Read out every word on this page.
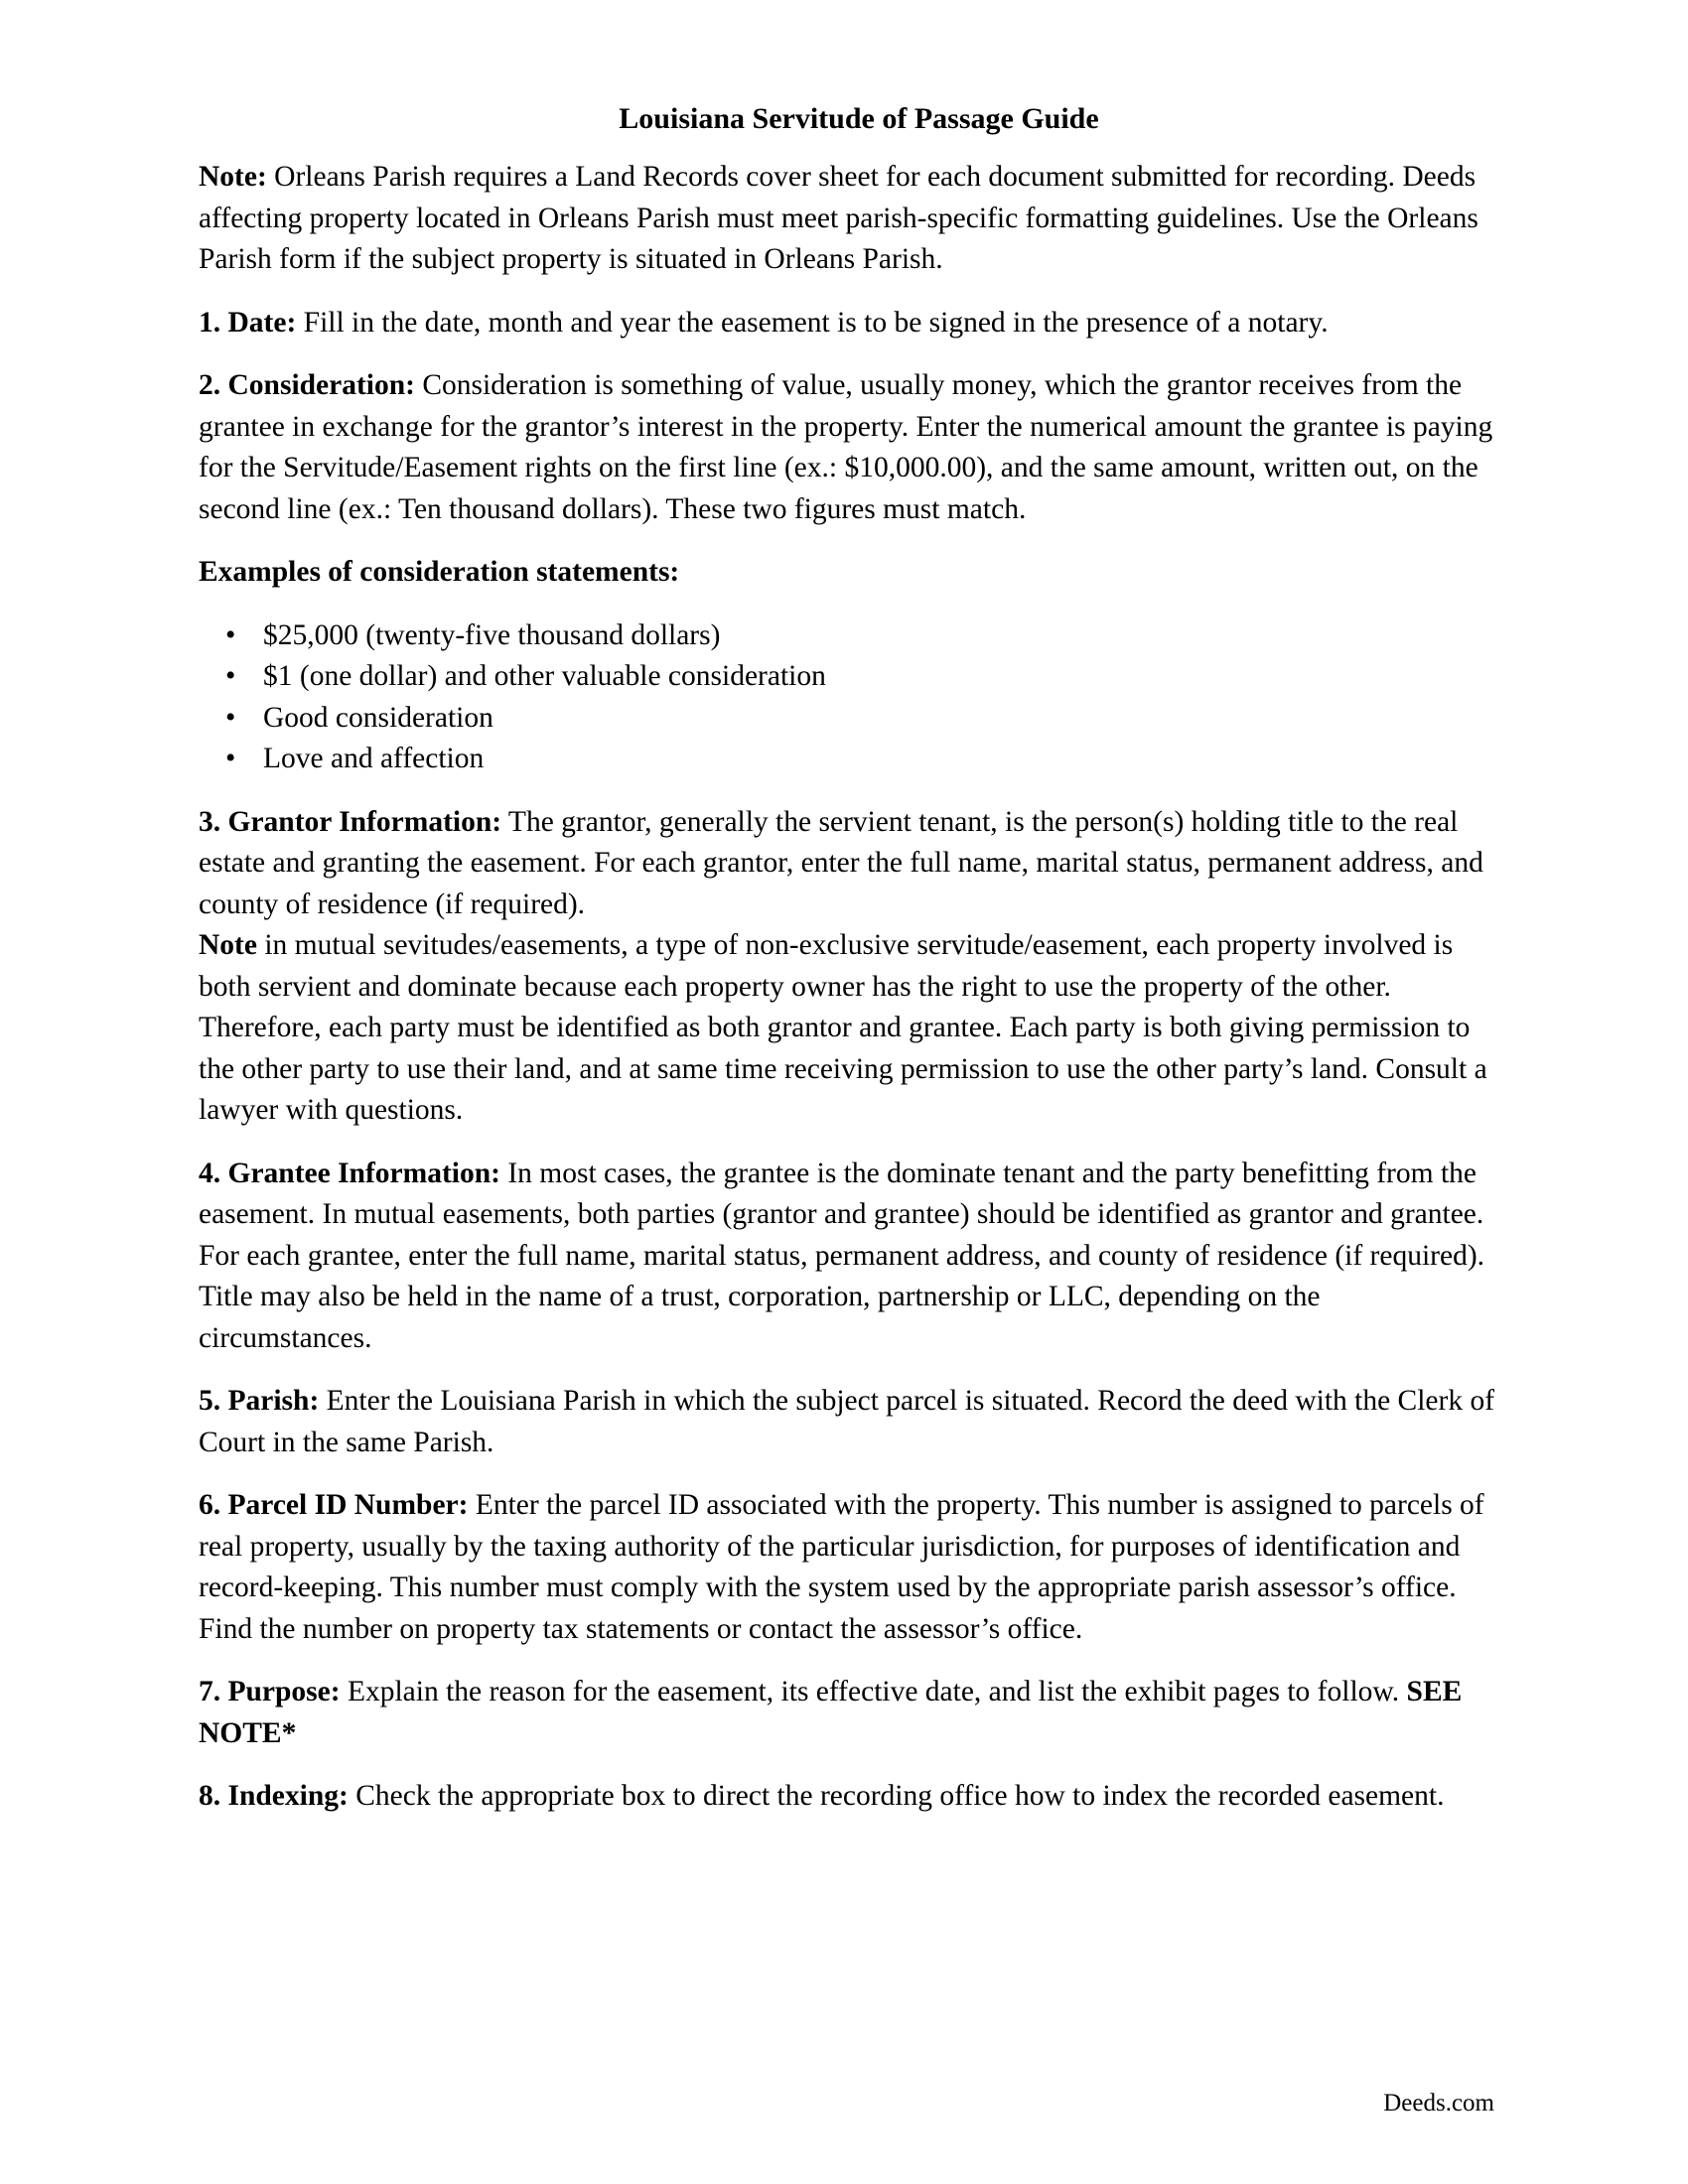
Louisiana Servitude of Passage Guide

Note: Orleans Parish requires a Land Records cover sheet for each document submitted for recording. Deeds affecting property located in Orleans Parish must meet parish-specific formatting guidelines. Use the Orleans Parish form if the subject property is situated in Orleans Parish.

1. Date: Fill in the date, month and year the easement is to be signed in the presence of a notary.

2. Consideration: Consideration is something of value, usually money, which the grantor receives from the grantee in exchange for the grantor’s interest in the property. Enter the numerical amount the grantee is paying for the Servitude/Easement rights on the first line (ex.: $10,000.00), and the same amount, written out, on the second line (ex.: Ten thousand dollars). These two figures must match.

Examples of consideration statements:
• $25,000 (twenty-five thousand dollars)
• $1 (one dollar) and other valuable consideration
• Good consideration
• Love and affection

3. Grantor Information: The grantor, generally the servient tenant, is the person(s) holding title to the real estate and granting the easement. For each grantor, enter the full name, marital status, permanent address, and county of residence (if required).

Note in mutual sevitudes/easements, a type of non-exclusive servitude/easement, each property involved is both servient and dominate because each property owner has the right to use the property of the other. Therefore, each party must be identified as both grantor and grantee. Each party is both giving permission to the other party to use their land, and at same time receiving permission to use the other party’s land. Consult a lawyer with questions.

4. Grantee Information: In most cases, the grantee is the dominate tenant and the party benefitting from the easement. In mutual easements, both parties (grantor and grantee) should be identified as grantor and grantee. For each grantee, enter the full name, marital status, permanent address, and county of residence (if required). Title may also be held in the name of a trust, corporation, partnership or LLC, depending on the circumstances.

5. Parish: Enter the Louisiana Parish in which the subject parcel is situated. Record the deed with the Clerk of Court in the same Parish.

6. Parcel ID Number: Enter the parcel ID associated with the property. This number is assigned to parcels of real property, usually by the taxing authority of the particular jurisdiction, for purposes of identification and record-keeping. This number must comply with the system used by the appropriate parish assessor’s office. Find the number on property tax statements or contact the assessor’s office.

7. Purpose: Explain the reason for the easement, its effective date, and list the exhibit pages to follow. SEE NOTE*

8. Indexing: Check the appropriate box to direct the recording office how to index the recorded easement.

Deeds.com
